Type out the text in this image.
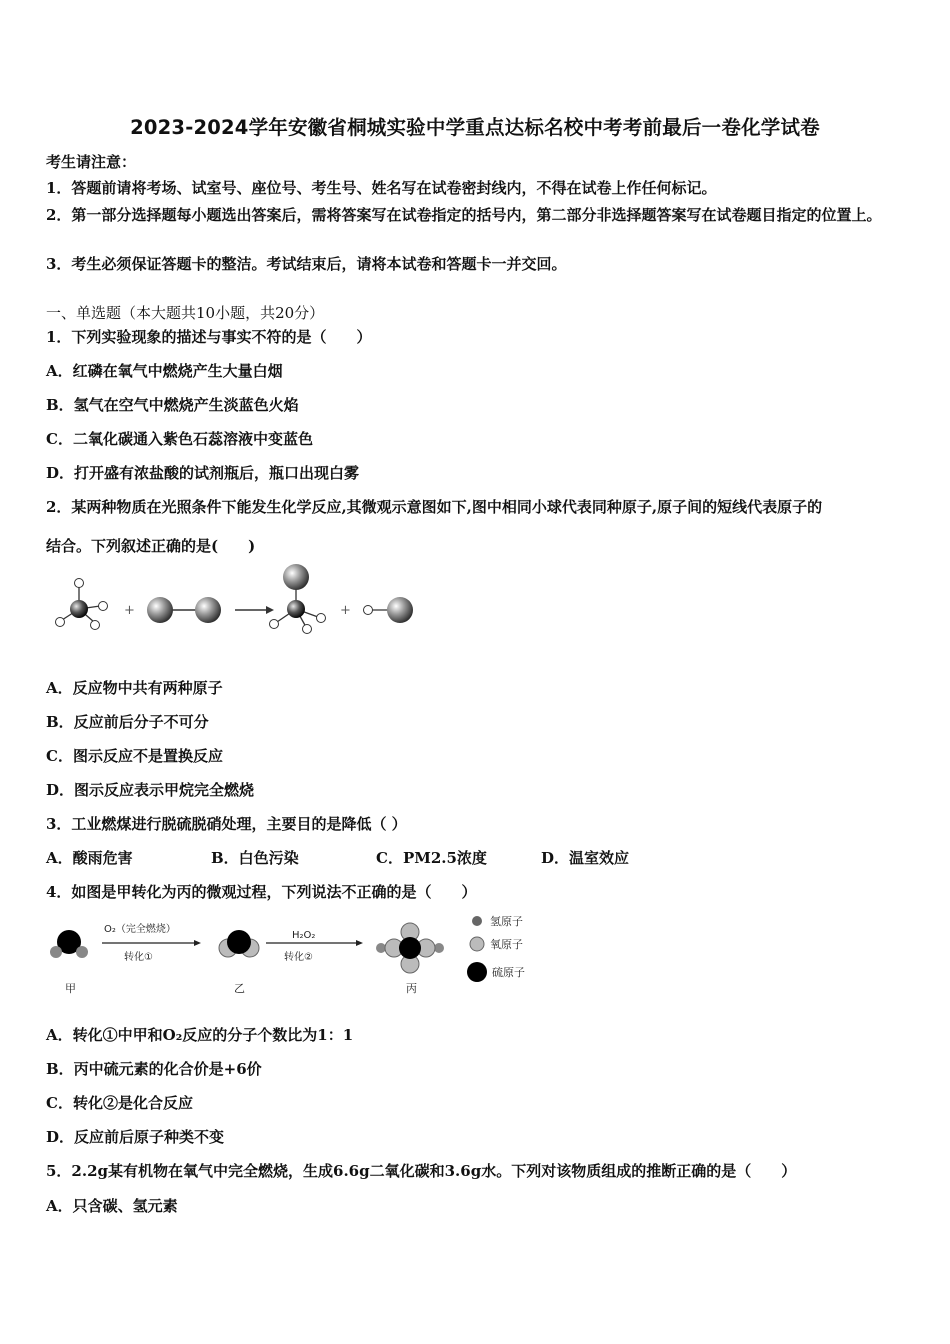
2023-2024学年安徽省桐城实验中学重点达标名校中考考前最后一卷化学试卷
考生请注意：
1．答题前请将考场、试室号、座位号、考生号、姓名写在试卷密封线内，不得在试卷上作任何标记。
2．第一部分选择题每小题选出答案后，需将答案写在试卷指定的括号内，第二部分非选择题答案写在试卷题目指定的位置上。
3．考生必须保证答题卡的整洁。考试结束后，请将本试卷和答题卡一并交回。
一、单选题（本大题共10小题，共20分）
1．下列实验现象的描述与事实不符的是（　　）
A．红磷在氧气中燃烧产生大量白烟
B．氢气在空气中燃烧产生淡蓝色火焰
C．二氧化碳通入紫色石蕊溶液中变蓝色
D．打开盛有浓盐酸的试剂瓶后，瓶口出现白雾
2．某两种物质在光照条件下能发生化学反应,其微观示意图如下,图中相同小球代表同种原子,原子间的短线代表原子的
结合。下列叙述正确的是(　　)
+	+
A．反应物中共有两种原子
B．反应前后分子不可分
C．图示反应不是置换反应
D．图示反应表示甲烷完全燃烧
3．工业燃煤进行脱硫脱硝处理，主要目的是降低（ ）
A．酸雨危害	B．白色污染	C．PM2.5浓度	D．温室效应
4．如图是甲转化为丙的微观过程，下列说法不正确的是（　　）
甲
O₂（完全燃烧）
转化①
乙
H₂O₂
转化②
丙
氢原子
氧原子
硫原子
A．转化①中甲和O₂反应的分子个数比为1：1
B．丙中硫元素的化合价是+6价
C．转化②是化合反应
D．反应前后原子种类不变
5．2.2g某有机物在氧气中完全燃烧，生成6.6g二氧化碳和3.6g水。下列对该物质组成的推断正确的是（　　）
A．只含碳、氢元素
